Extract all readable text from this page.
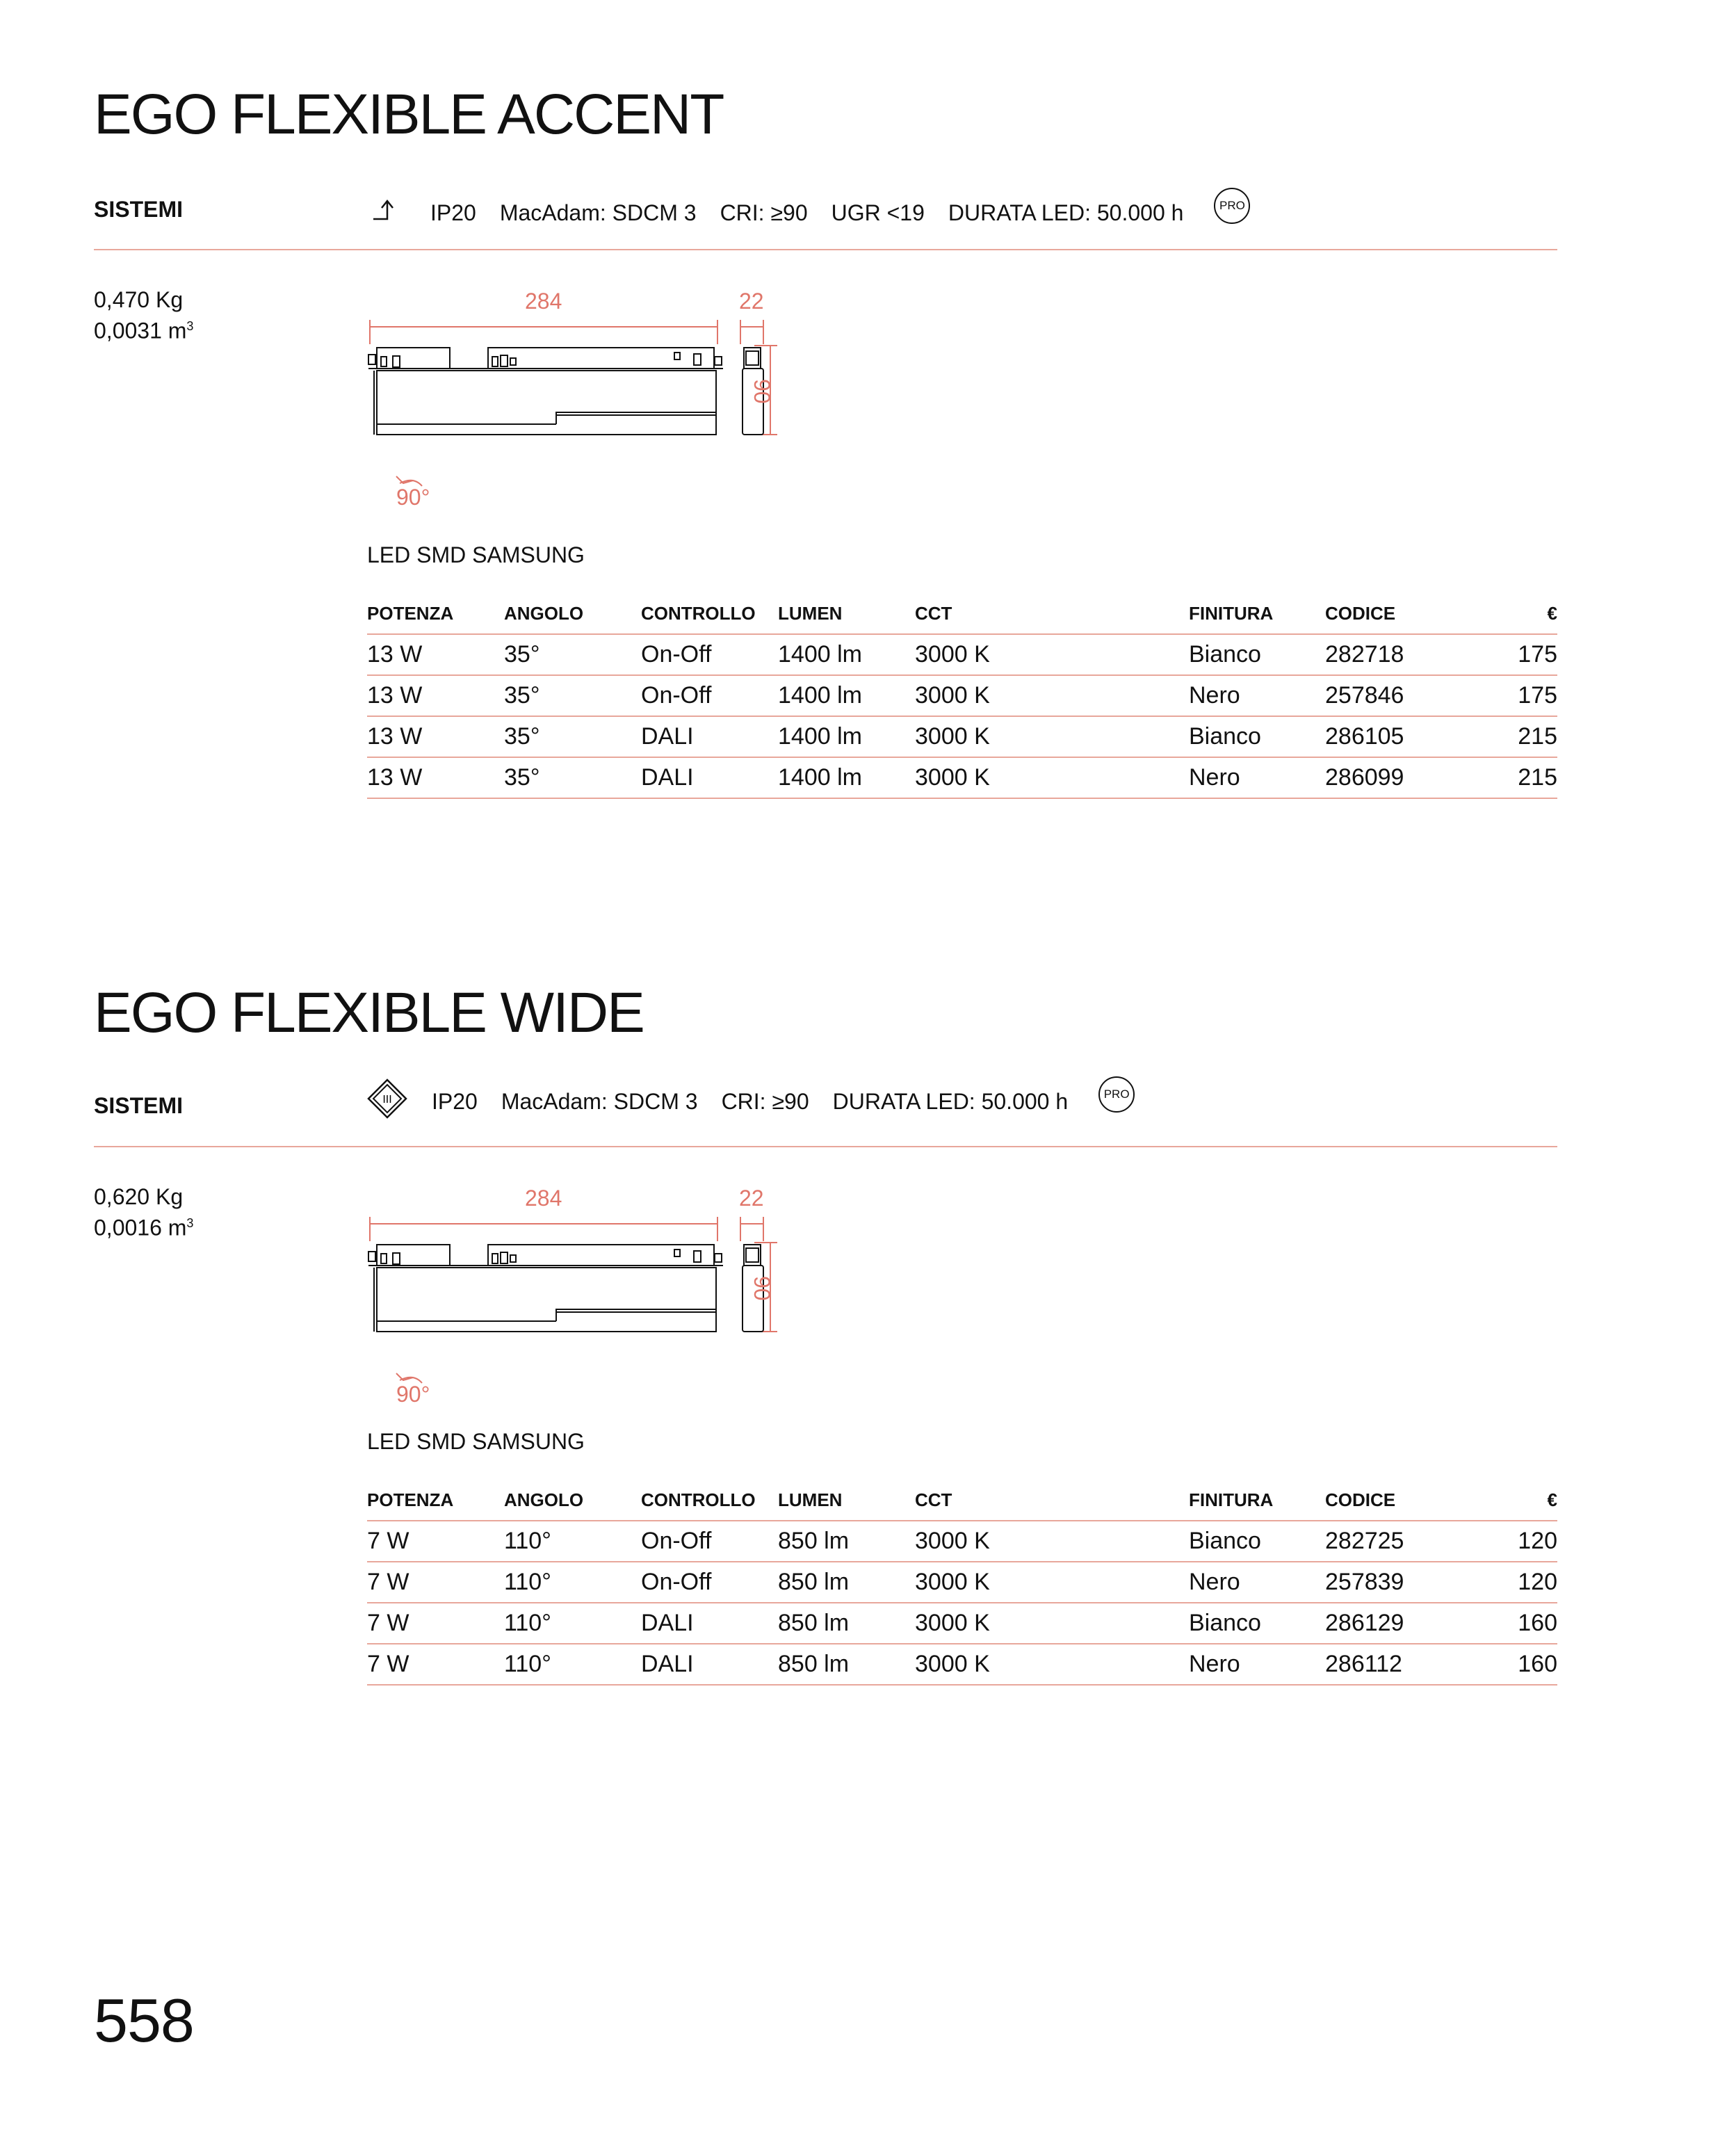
EGO FLEXIBLE ACCENT
SISTEMI	IP20 MacAdam: SDCM 3 CRI: ≥90 UGR <19 DURATA LED: 50.000 h	PRO
0,470 Kg
0,0031 $m^3$
284	22
90
90°
LED SMD SAMSUNG
POTENZA	ANGOLO	CONTROLLO	LUMEN	CCT	FINITURA	CODICE	€
13 W	35°	On-Off	1400 lm	3000 K	Bianco	282718	175
13 W	35°	On-Off	1400 lm	3000 K	Nero	257846	175
13 W	35°	DALI	1400 lm	3000 K	Bianco	286105	215
13 W	35°	DALI	1400 lm	3000 K	Nero	286099	215
EGO FLEXIBLE WIDE
SISTEMI	III IP20 MacAdam: SDCM 3 CRI: ≥90 DURATA LED: 50.000 h	PRO
0,620 Kg
0,0016 $m^3$
284	22
90
90°
LED SMD SAMSUNG
POTENZA	ANGOLO	CONTROLLO	LUMEN	CCT	FINITURA	CODICE	€
7 W	110°	On-Off	850 lm	3000 K	Bianco	282725	120
7 W	110°	On-Off	850 lm	3000 K	Nero	257839	120
7 W	110°	DALI	850 lm	3000 K	Bianco	286129	160
7 W	110°	DALI	850 lm	3000 K	Nero	286112	160
558
